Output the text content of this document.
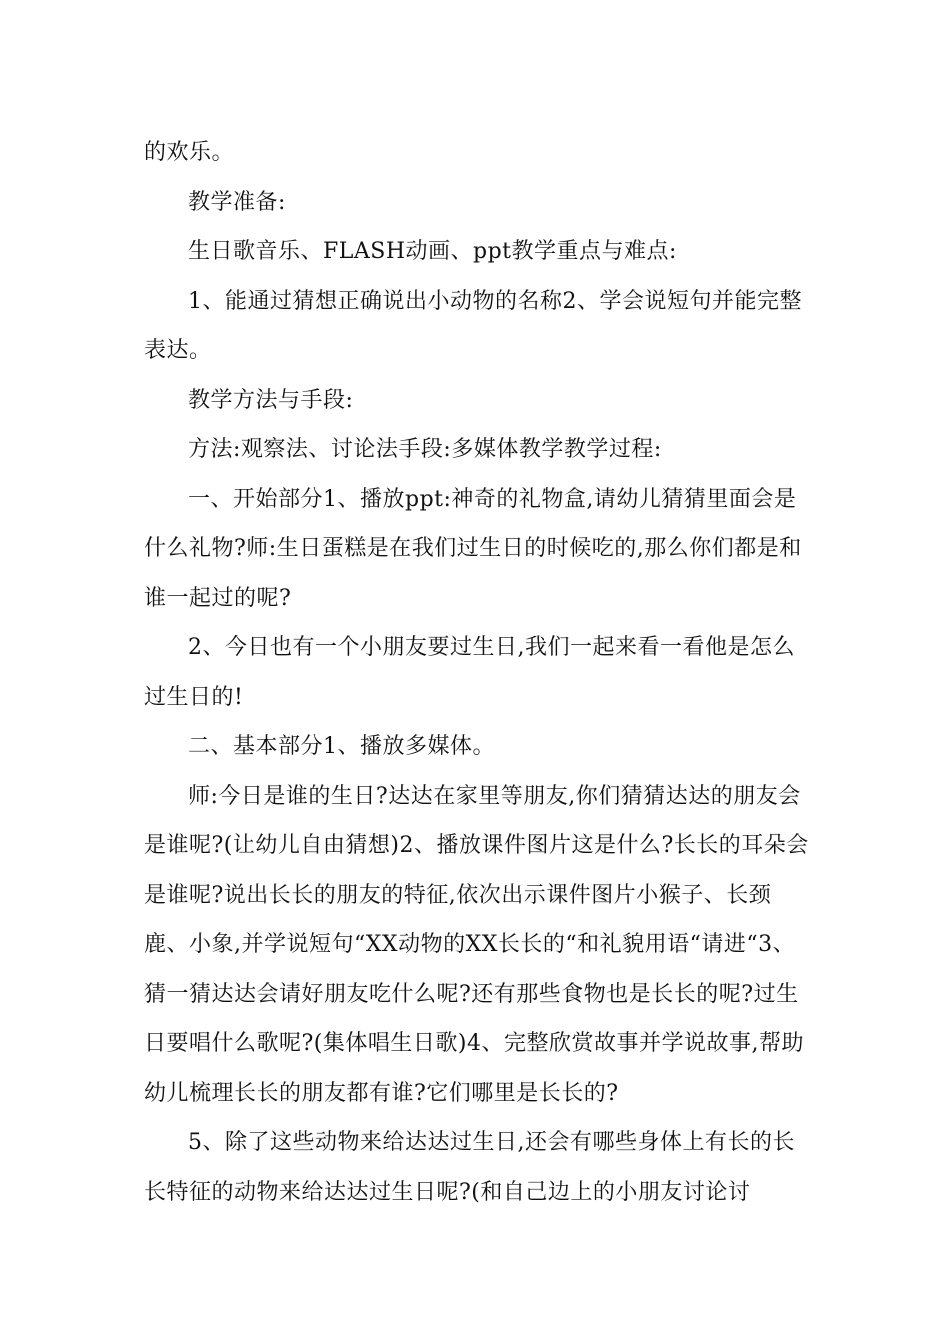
的欢乐。

教学准备:

生日歌音乐、FLASH动画、ppt教学重点与难点:

1、能通过猜想正确说出小动物的名称2、学会说短句并能完整表达。

教学方法与手段:

方法:观察法、讨论法手段:多媒体教学教学过程:

一、开始部分1、播放ppt:神奇的礼物盒,请幼儿猜猜里面会是什么礼物?师:生日蛋糕是在我们过生日的时候吃的,那么你们都是和谁一起过的呢?

2、今日也有一个小朋友要过生日,我们一起来看一看他是怎么过生日的!

二、基本部分1、播放多媒体。

师:今日是谁的生日?达达在家里等朋友,你们猜猜达达的朋友会是谁呢?(让幼儿自由猜想)2、播放课件图片这是什么?长长的耳朵会是谁呢?说出长长的朋友的特征,依次出示课件图片小猴子、长颈鹿、小象,并学说短句“XX动物的XX长长的“和礼貌用语“请进“3、猜一猜达达会请好朋友吃什么呢?还有那些食物也是长长的呢?过生日要唱什么歌呢?(集体唱生日歌)4、完整欣赏故事并学说故事,帮助幼儿梳理长长的朋友都有谁?它们哪里是长长的?

5、除了这些动物来给达达过生日,还会有哪些身体上有长的长长特征的动物来给达达过生日呢?(和自己边上的小朋友讨论讨
